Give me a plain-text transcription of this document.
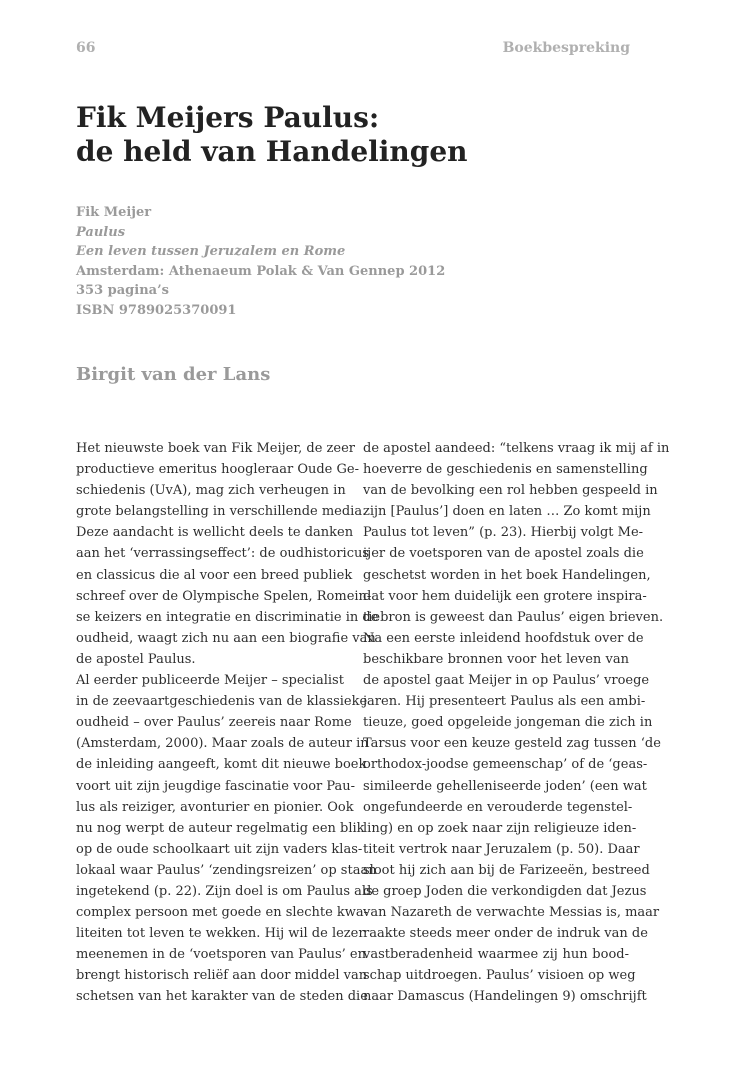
66	Boekbespreking
Fik Meijers Paulus:
de held van Handelingen
Fik Meijer
Paulus
Een leven tussen Jeruzalem en Rome
Amsterdam: Athenaeum Polak & Van Gennep 2012
353 pagina’s
ISBN 9789025370091
Birgit van der Lans
Het nieuwste boek van Fik Meijer, de zeer
productieve emeritus hoogleraar Oude Ge-
schiedenis (UvA), mag zich verheugen in
grote belangstelling in verschillende media.
Deze aandacht is wellicht deels te danken
aan het ‘verrassingseffect’: de oudhistoricus
en classicus die al voor een breed publiek
schreef over de Olympische Spelen, Romein-
se keizers en integratie en discriminatie in de
oudheid, waagt zich nu aan een biografie van
de apostel Paulus.
Al eerder publiceerde Meijer – specialist
in de zeevaartgeschiedenis van de klassieke
oudheid – over Paulus’ zeereis naar Rome
(Amsterdam, 2000). Maar zoals de auteur in
de inleiding aangeeft, komt dit nieuwe boek
voort uit zijn jeugdige fascinatie voor Pau-
lus als reiziger, avonturier en pionier. Ook
nu nog werpt de auteur regelmatig een blik
op de oude schoolkaart uit zijn vaders klas-
lokaal waar Paulus’ ‘zendingsreizen’ op staan
ingetekend (p. 22). Zijn doel is om Paulus als
complex persoon met goede en slechte kwa-
liteiten tot leven te wekken. Hij wil de lezer
meenemen in de ‘voetsporen van Paulus’ en
brengt historisch reliëf aan door middel van
schetsen van het karakter van de steden die
de apostel aandeed: “telkens vraag ik mij af in
hoeverre de geschiedenis en samenstelling
van de bevolking een rol hebben gespeeld in
zijn [Paulus’] doen en laten … Zo komt mijn
Paulus tot leven” (p. 23). Hierbij volgt Me-
ijer de voetsporen van de apostel zoals die
geschetst worden in het boek Handelingen,
dat voor hem duidelijk een grotere inspira-
tiebron is geweest dan Paulus’ eigen brieven.
Na een eerste inleidend hoofdstuk over de
beschikbare bronnen voor het leven van
de apostel gaat Meijer in op Paulus’ vroege
jaren. Hij presenteert Paulus als een ambi-
tieuze, goed opgeleide jongeman die zich in
Tarsus voor een keuze gesteld zag tussen ‘de
orthodox-joodse gemeenschap’ of de ‘geas-
simileerde gehelleniseerde joden’ (een wat
ongefundeerde en verouderde tegenstel-
ling) en op zoek naar zijn religieuze iden-
titeit vertrok naar Jeruzalem (p. 50). Daar
sloot hij zich aan bij de Farizeeën, bestreed
de groep Joden die verkondigden dat Jezus
van Nazareth de verwachte Messias is, maar
raakte steeds meer onder de indruk van de
vastberadenheid waarmee zij hun bood-
schap uitdroegen. Paulus’ visioen op weg
naar Damascus (Handelingen 9) omschrijft
